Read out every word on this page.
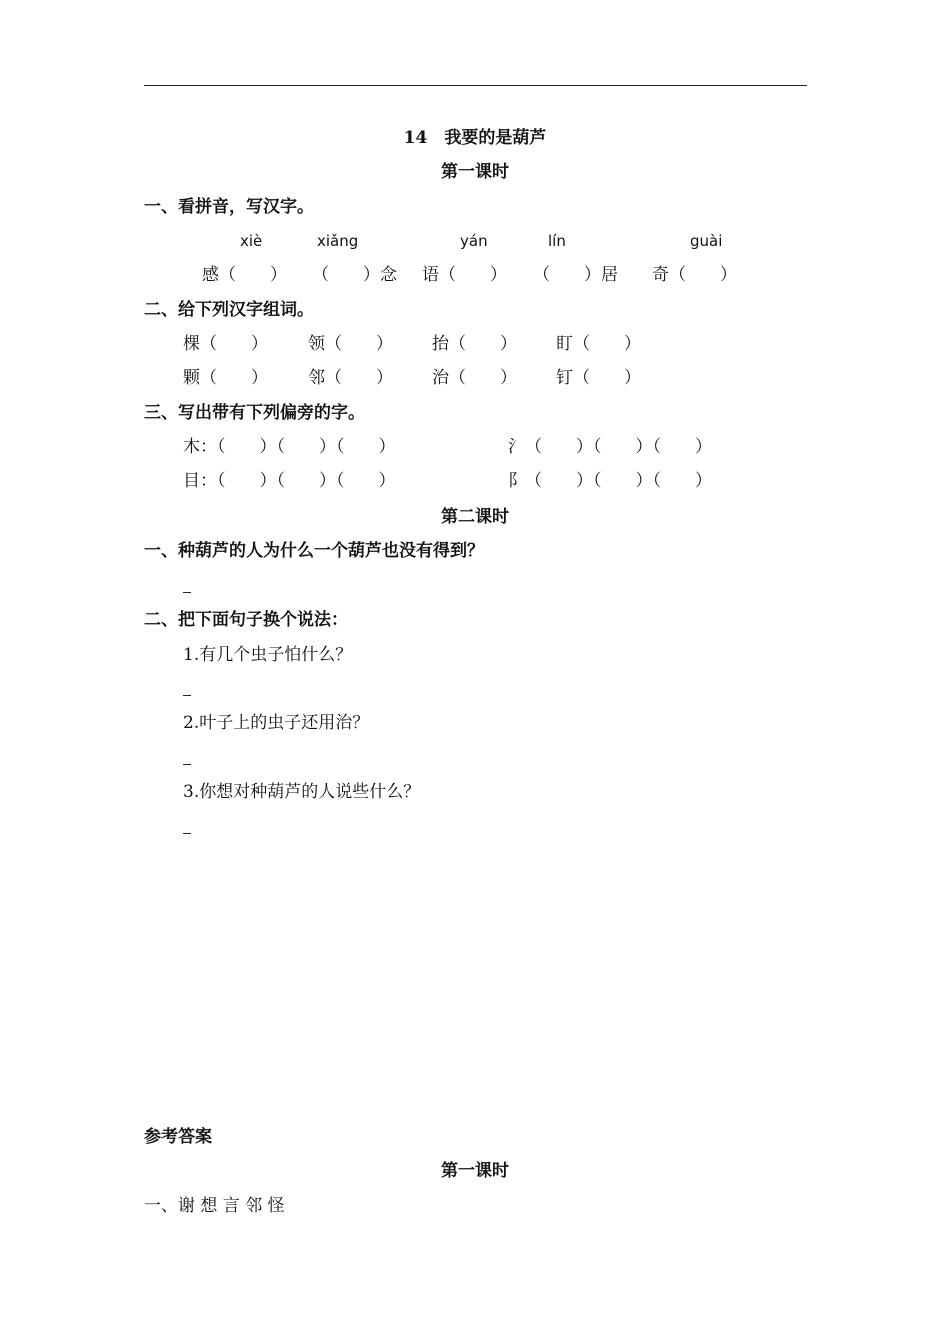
14　我要的是葫芦
第一课时
一、看拼音，写汉字。
xiè	xiǎng	yán	lín	guài
感（　　） （　　）念 语（　　） （　　）居 奇（　　）
二、给下列汉字组词。
棵（　　） 领（　　） 抬（　　） 盯（　　）
颗（　　） 邻（　　） 治（　　） 钉（　　）
三、写出带有下列偏旁的字。
木：（　　）（　　）（　　）	氵（　　）（　　）（　　）
目：（　　）（　　）（　　）	阝（　　）（　　）（　　）
第二课时
一、种葫芦的人为什么一个葫芦也没有得到？
二、把下面句子换个说法：
1.有几个虫子怕什么？
2.叶子上的虫子还用治？
3.你想对种葫芦的人说些什么？
参考答案
第一课时
一、谢 想 言 邻 怪
